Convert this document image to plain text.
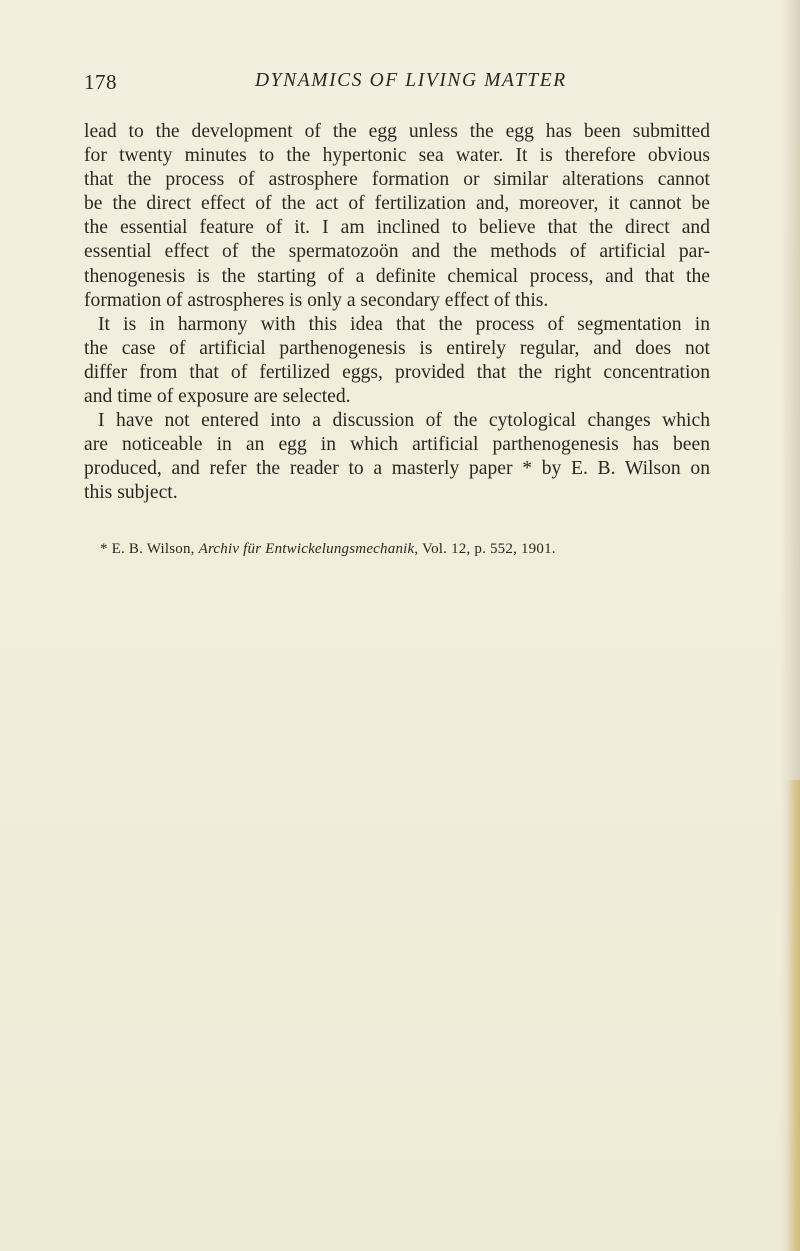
178	DYNAMICS OF LIVING MATTER
lead to the development of the egg unless the egg has been submitted
for twenty minutes to the hypertonic sea water. It is therefore obvious
that the process of astrosphere formation or similar alterations cannot
be the direct effect of the act of fertilization and, moreover, it cannot be
the essential feature of it. I am inclined to believe that the direct and
essential effect of the spermatozoön and the methods of artificial par-
thenogenesis is the starting of a definite chemical process, and that the
formation of astrospheres is only a secondary effect of this.
It is in harmony with this idea that the process of segmentation in
the case of artificial parthenogenesis is entirely regular, and does not
differ from that of fertilized eggs, provided that the right concentration
and time of exposure are selected.
I have not entered into a discussion of the cytological changes which
are noticeable in an egg in which artificial parthenogenesis has been
produced, and refer the reader to a masterly paper * by E. B. Wilson on
this subject.
* E. B. Wilson, Archiv für Entwickelungsmechanik, Vol. 12, p. 552, 1901.
